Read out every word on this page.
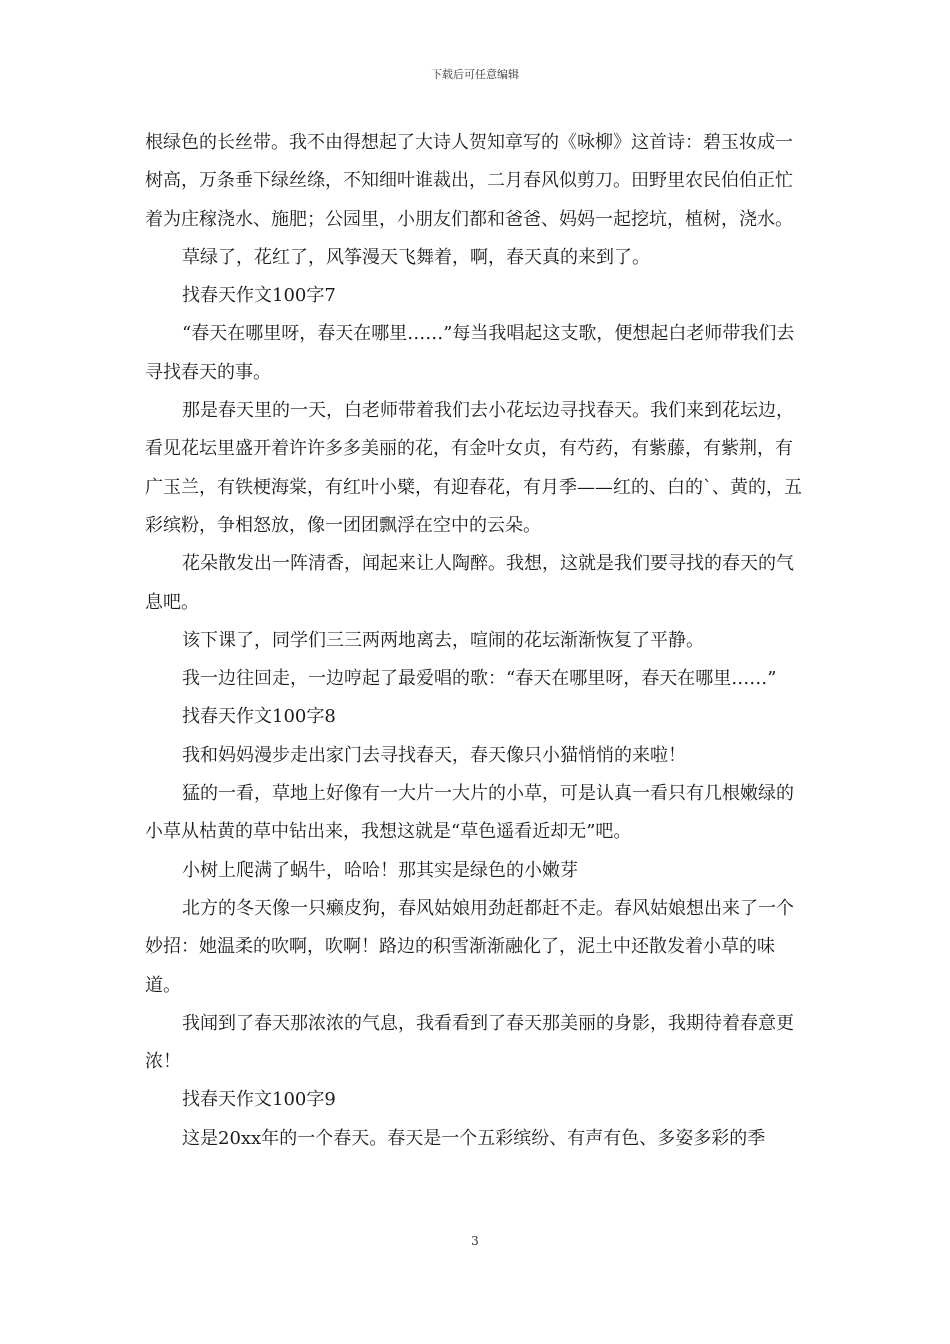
下载后可任意编辑

根绿色的长丝带。我不由得想起了大诗人贺知章写的《咏柳》这首诗：碧玉妆成一树高，万条垂下绿丝绦，不知细叶谁裁出，二月春风似剪刀。田野里农民伯伯正忙着为庄稼浇水、施肥；公园里，小朋友们都和爸爸、妈妈一起挖坑，植树，浇水。

草绿了，花红了，风筝漫天飞舞着，啊，春天真的来到了。

找春天作文100字7

“春天在哪里呀，春天在哪里……”每当我唱起这支歌，便想起白老师带我们去寻找春天的事。

那是春天里的一天，白老师带着我们去小花坛边寻找春天。我们来到花坛边，看见花坛里盛开着许许多多美丽的花，有金叶女贞，有芍药，有紫藤，有紫荆，有广玉兰，有铁梗海棠，有红叶小檗，有迎春花，有月季——红的、白的`、黄的，五彩缤粉，争相怒放，像一团团飘浮在空中的云朵。

花朵散发出一阵清香，闻起来让人陶醉。我想，这就是我们要寻找的春天的气息吧。

该下课了，同学们三三两两地离去，喧闹的花坛渐渐恢复了平静。

我一边往回走，一边哼起了最爱唱的歌：“春天在哪里呀，春天在哪里……”

找春天作文100字8

我和妈妈漫步走出家门去寻找春天，春天像只小猫悄悄的来啦！

猛的一看，草地上好像有一大片一大片的小草，可是认真一看只有几根嫩绿的小草从枯黄的草中钻出来，我想这就是“草色遥看近却无”吧。

小树上爬满了蜗牛，哈哈！那其实是绿色的小嫩芽

北方的冬天像一只癞皮狗，春风姑娘用劲赶都赶不走。春风姑娘想出来了一个妙招：她温柔的吹啊，吹啊！路边的积雪渐渐融化了，泥土中还散发着小草的味道。

我闻到了春天那浓浓的气息，我看看到了春天那美丽的身影，我期待着春意更浓！

找春天作文100字9

这是20xx年的一个春天。春天是一个五彩缤纷、有声有色、多姿多彩的季

3
